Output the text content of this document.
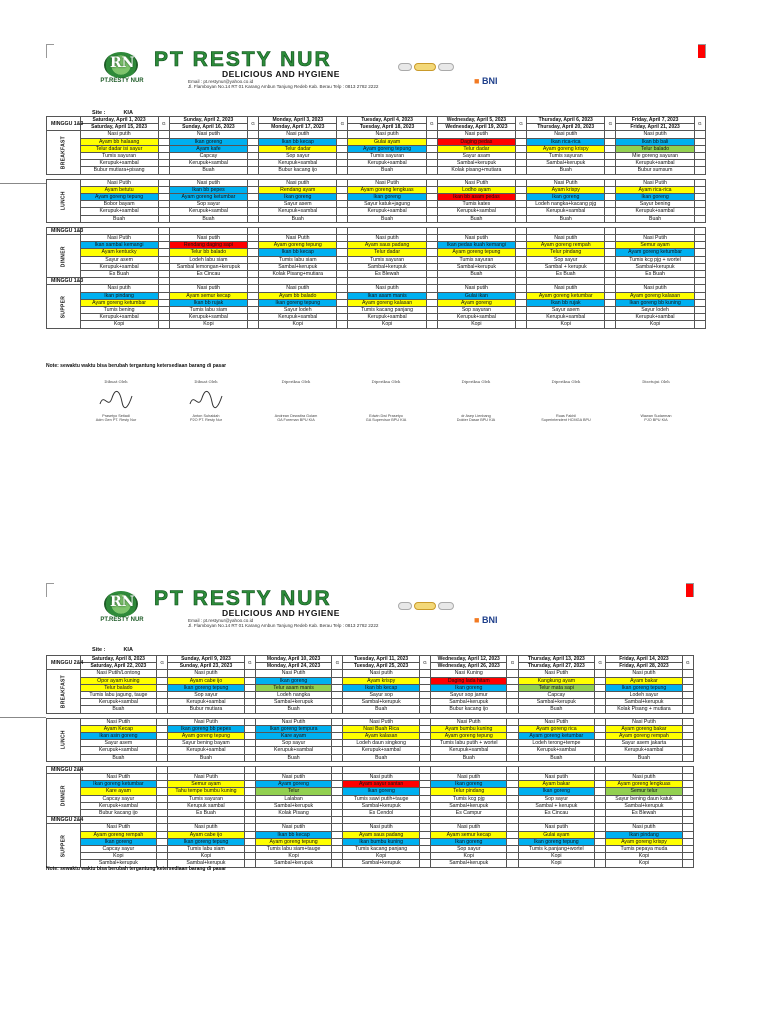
RN
PT.RESTY NUR
PT RESTY NUR
DELICIOUS AND HYGIENE
Email : pt.restynur@yahoo.co.id
Jl. Flamboyan No.14 RT 01 Karang Ambun Tanjung Redeb Kab. Berau Telp : 0813 2782 2222
■ BNI
Site :	KIA
MINGGU 1&3	Saturday, April 1, 2023	G	Sunday, April 2, 2023	G	Monday, April 3, 2023	G	Tuesday, April 4, 2023	G	Wednesday, April 5, 2023	G	Thursday, April 6, 2023	G	Friday, April 7, 2023	G
	Saturday, April 15, 2023		Sunday, April 16, 2023		Monday, April 17, 2023		Tuesday, April 18, 2023		Wednesday, April 19, 2023		Thursday, April 20, 2023		Friday, April 21, 2023	
BREAKFAST	Nasi putih		Nasi putih		Nasi putih		Nasi putih		Nasi putih		Nasi putih		Nasi putih	
	Ayam bb halaang		Ikan goreng		Ikan bb kecap		Gulai ayam		Daging pedas		Ikan rica-rica		Ikan bb bali	
	Telur dadar isi sayur		Ayam kafe		Telur dadar		Ayam goreng tepung		Telur dadar		Ayam goreng krispy		Telur balado	
	Tumis sayuran		Capcay		Sop sayur		Tumis sayuran		Sayur asam		Tumis sayuran		Mie goreng sayuran	
	Kerupuk+sambal		Kerupuk+sambal		Kerupuk+sambal		Kerupuk+sambal		Sambal+kerupuk		Sambal+kerupuk		Kerupuk+sambal	
	Bubur mutiara+pisang		Buah		Bubur kacang ijo		Buah		Kolak pisang+mutiara		Buah		Bubur sumsum	

LUNCH	Nasi Putih		Nasi putih		Nasi putih		Nasi Putih		Nasi Putih		Nasi Putih		Nasi Putih	
	Ayam betutu		Ikan bb pepes		Rendang ayam		Ayam goreng lengkuas		Lodho ayam		Ayam krispy		Ayam rica-rica	
	Ayam goreng tepung		Ayam goreng ketumbar		Ikan goreng		Ikan goreng		Ikan bb asam pedas		Ikan goreng		Ikan goreng	
	Bobor bayam		Sop sayur		Sayur asem		Sayur katuk+jagung		Tumis kates		Lodeh nangka+kacang pjg		Sayur bening	
	Kerupuk+sambal		Kerupuk+sambal		Kerupuk+sambal		Kerupuk+sambal		Kerupuk+sambal		Kerupuk+sambal		Kerupuk+sambal	
	Buah		Buah		Buah		Buah		Buah		Buah		Buah	

MINGGU 1&3														
DINNER	Nasi Putih		Nasi putih		Nasi Putih		Nasi putih		Nasi putih		Nasi putih		Nasi Putih	
	Ikan sambal kemangi		Rendang daging sapi		Ayam goreng tepung		Ayam saus padang		Ikan pedas kuah kemangi		Ayam goreng rempah		Semur ayam	
	Ayam kentucky		Telur bb balado		Ikan bb kecap		Telur dadar		Ayam goreng tepung		Telur pindang		Ayam goreng ketumbar	
	Sayur asem		Lodeh labu siam		Tumis labu siam		Tumis sayuran		Tumis sayuran		Sop sayur		Tumis kcg pjg + wortel	
	Kerupuk+sambal		Sambal lemongan+kerupuk		Sambal+kerupuk		Sambal+kerupuk		Sambal+kerupuk		Sambal + kerupuk		Sambal+kerupuk	
	Es Buah		Es Cincau		Kolak Pisang+mutiara		Es Blewah		Buah		Es Buah		Es Buah	
MINGGU 1&3														
SUPPER	Nasi putih		Nasi putih		Nasi putih		Nasi putih		Nasi putih		Nasi putih		Nasi putih	
	Ikan pindang		Ayam semur kecap		Ayam bb balado		Ikan asam manis		Gulai ikan		Ayam goreng ketumbar		Ayam goreng kalasan	
	Ayam goreng ketumbar		Ikan bb rujak		Ikan goreng tepung		Ayam goreng kalasan		Ayam goreng		Ikan bb rujak		Ikan goreng bb kuning	
	Tumis bening		Tumis labu siam		Sayur lodeh		Tumis kacang panjang		Sop sayuran		Sayur asem		Sayur lodeh	
	Kerupuk+sambal		Kerupuk+sambal		Kerupuk+sambal		Kerupuk+sambal		Kerupuk+sambal		Kerupuk+sambal		Kerupuk+sambal	
	Kopi		Kopi		Kopi		Kopi		Kopi		Kopi		Kopi	
Note: sewaktu waktu bisa berubah tergantung ketersediaan barang di pasar
Dibuat Oleh
Prasetyo Setiadi
Adm Gen PT. Resty Nur
Dibuat Oleh
Anton Suhaidah
P2O PT. Resty Nur
Diperiksa Oleh
Andrean Dewaltra Golam
GA Foreman BPU KIA
Diperiksa Oleh
Edwin Dwi Prasetyo
GA Supervisor BPU KIA
Diperiksa Oleh
dr Asep Lienbang
Dokter Dasar BPU KIA
Diperiksa Oleh
Ruas Fakhil
Superintendent HCMGA BPU
Disetujui Oleh
Wawan Sudarman
PJO BPU KIA
RN
PT.RESTY NUR
PT RESTY NUR
DELICIOUS AND HYGIENE
Email : pt.restynur@yahoo.co.id
Jl. Flamboyan No.14 RT 01 Karang Ambun Tanjung Redeb Kab. Berau Telp : 0813 2782 2222
■ BNI
Site :	KIA
MINGGU 2&4	Saturday, April 8, 2023	G	Sunday, April 9, 2023	G	Monday, April 10, 2023	G	Tuesday, April 11, 2023	G	Wednesday, April 12, 2023	G	Thursday, April 13, 2023	G	Friday, April 14, 2023	G
	Saturday, April 22, 2023		Sunday, April 23, 2023		Monday, April 24, 2023		Tuesday, April 25, 2023		Wednesday, April 26, 2023		Thursday, April 27, 2023		Friday, April 28, 2023	
BREAKFAST	Nasi Putih/Lontong		Nasi putih		Nasi Putih		Nasi putih		Nasi Kuning		Nasi Putih		Nasi putih	
	Opor ayam kuning		Ayam cabe ijo		Ikan goreng		Ayam krispy		Daging lada hitam		Kangkung ayam		Ayam bakar	
	Telur balado		Ikan goreng tepung		Telur asam manis		Ikan bb kecap		Ikan goreng		Telur mata sapi		Ikan goreng tepung	
	Tumis labu jagung, tauge		Sop sayur		Lodeh nangka		Sayur sop		Sayur sop jamur		Capcay		Lodeh sayur	
	Kerupuk+sambal		Kerupuk+sambal		Sambal+kerupuk		Sambal+kerupuk		Sambal+kerupuk		Sambal+kerupuk		Sambal+kerupuk	
	Buah		Bubur mutiara		Buah		Buah		Bubur kacang ijo		Buah		Kolak Pisang + mutiara	

LUNCH	Nasi Putih		Nasi Putih		Nasi Putih		Nasi Putih		Nasi Putih		Nasi Putih		Nasi Putih	
	Ayam Kecap		Ikan goreng bb pepes		Ikan goreng tempura		Nasi Buah Rica		Ayam bumbu kuning		Ayam goreng rica		Ayam goreng bakar	
	Ikan asin goreng		Ayam goreng tepung		Kare ayam		Ayam kalasan		Ayam goreng tepung		Ayam goreng ketumbar		Ayam goreng rempah	
	Sayur asem		Sayur bening bayam		Sop sayur		Lodeh daun singkong		Tumis labu putih + wortel		Lodeh terong+tempe		Sayur asem jakarta	
	Kerupuk+sambal		Kerupuk+sambal		Kerupuk+sambal		Kerupuk+sambal		Kerupuk+sambal		Kerupuk+sambal		Kerupuk+sambal	
	Buah		Buah		Buah		Buah		Buah		Buah		Buah	

MINGGU 2&4														
DINNER	Nasi Putih		Nasi Putih		Nasi putih		Nasi putih		Nasi putih		Nasi putih		Nasi putih	
	Ikan goreng ketumbar		Semur ayam		Ayam goreng		Ayam sayur santan		Ikan goreng		Ayam bakar		Ayam goreng lengkuas	
	Kare ayam		Tahu tempe bumbu kuning		Telur		Ikan goreng		Telur pindang		Ikan goreng		Semur telur	
	Capcay sayur		Tumis sayuran		Lalaban		Tumis sawi putih+tauge		Tumis kcg pjg		Sop sayur		Sayur bening daun katuk	
	Kerupuk+sambal		Kerupuk sambal		Sambal+kerupuk		Sambal+kerupuk		Sambal+kerupuk		Sambal + kerupuk		Sambal+kerupuk	
	Bubur kacang ijo		Es Buah		Kolak Pisang		Es Cendol		Es Campur		Es Cincau		Es Blewah	
MINGGU 2&4														
SUPPER	Nasi Putih		Nasi putih		Nasi putih		Nasi putih		Nasi putih		Nasi putih		Nasi putih	
	Ayam goreng rempah		Ayam cabe ijo		Ikan bb kecap		Ayam saus padang		Ayam semur kecap		Gulai ayam		Ikan pindang	
	Ikan goreng		Ikan goreng tepung		Ayam goreng tepung		Ikan bumbu kuning		Ikan goreng		Ikan goreng tepung		Ayam goreng krispy	
	Capcay sayur		Tumis labu siam		Tumis labu siam+tauge		Tumis kacang panjang		Sop sayur		Tumis k.panjang+wortel		Tumis pepaya muda	
	Kopi		Kopi		Kopi		Kopi		Kopi		Kopi		Kopi	
	Sambal+kerupuk		Sambal+kerupuk		Sambal+kerupuk		Sambal+kerupuk		Sambal+kerupuk		Kopi		Kopi	
Note: sewaktu waktu bisa berubah tergantung ketersediaan barang di pasar
